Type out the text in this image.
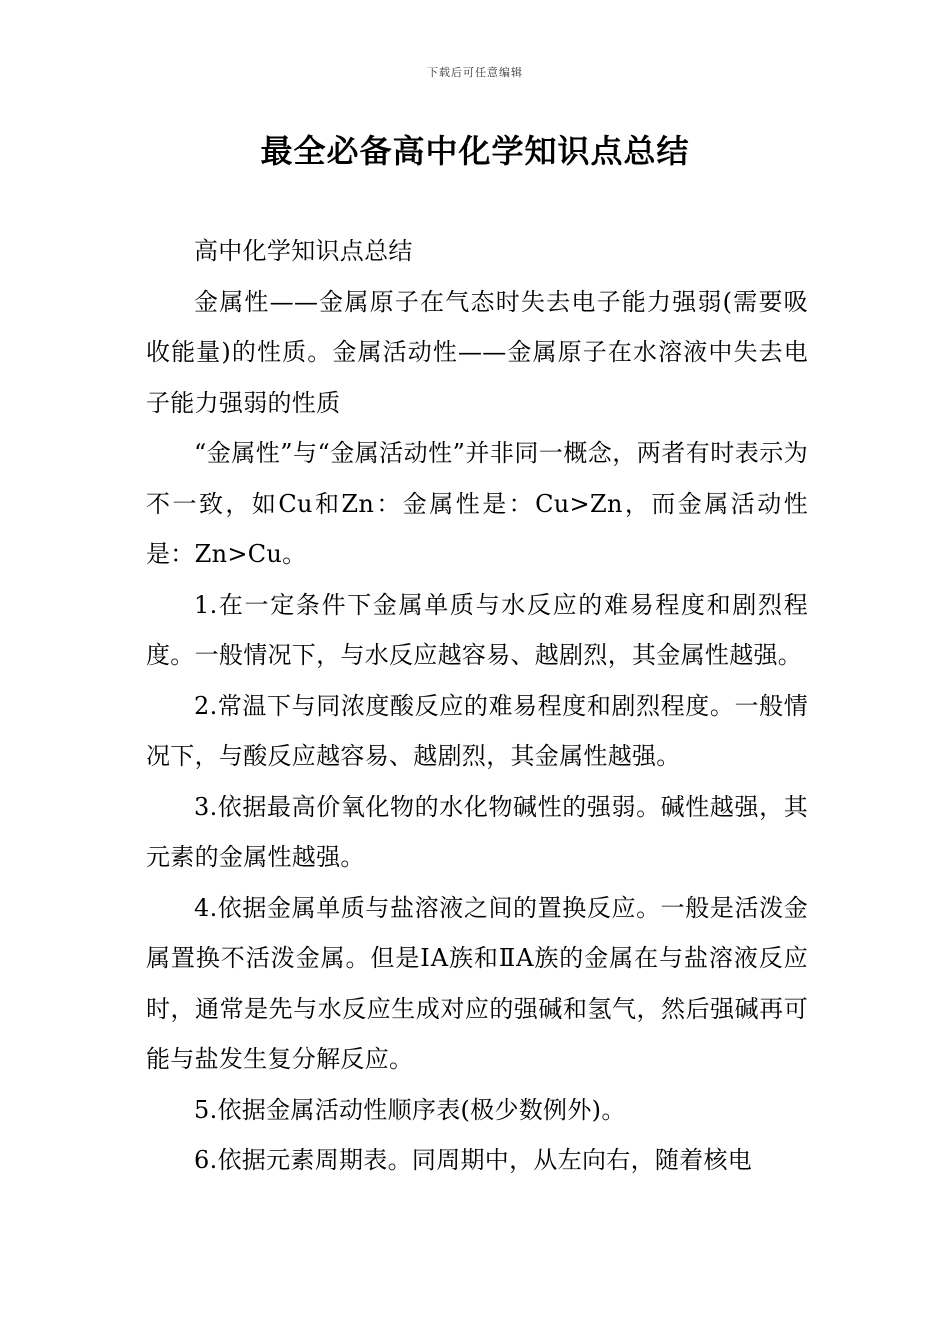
下载后可任意编辑
最全必备高中化学知识点总结

高中化学知识点总结

金属性——金属原子在气态时失去电子能力强弱(需要吸收能量)的性质。金属活动性——金属原子在水溶液中失去电子能力强弱的性质

“金属性”与“金属活动性”并非同一概念，两者有时表示为不一致，如Cu和Zn：金属性是：Cu>Zn，而金属活动性是：Zn>Cu。

1.在一定条件下金属单质与水反应的难易程度和剧烈程度。一般情况下，与水反应越容易、越剧烈，其金属性越强。

2.常温下与同浓度酸反应的难易程度和剧烈程度。一般情况下，与酸反应越容易、越剧烈，其金属性越强。

3.依据最高价氧化物的水化物碱性的强弱。碱性越强，其元素的金属性越强。

4.依据金属单质与盐溶液之间的置换反应。一般是活泼金属置换不活泼金属。但是ⅠA族和ⅡA族的金属在与盐溶液反应时，通常是先与水反应生成对应的强碱和氢气，然后强碱再可能与盐发生复分解反应。

5.依据金属活动性顺序表(极少数例外)。

6.依据元素周期表。同周期中，从左向右，随着核电
